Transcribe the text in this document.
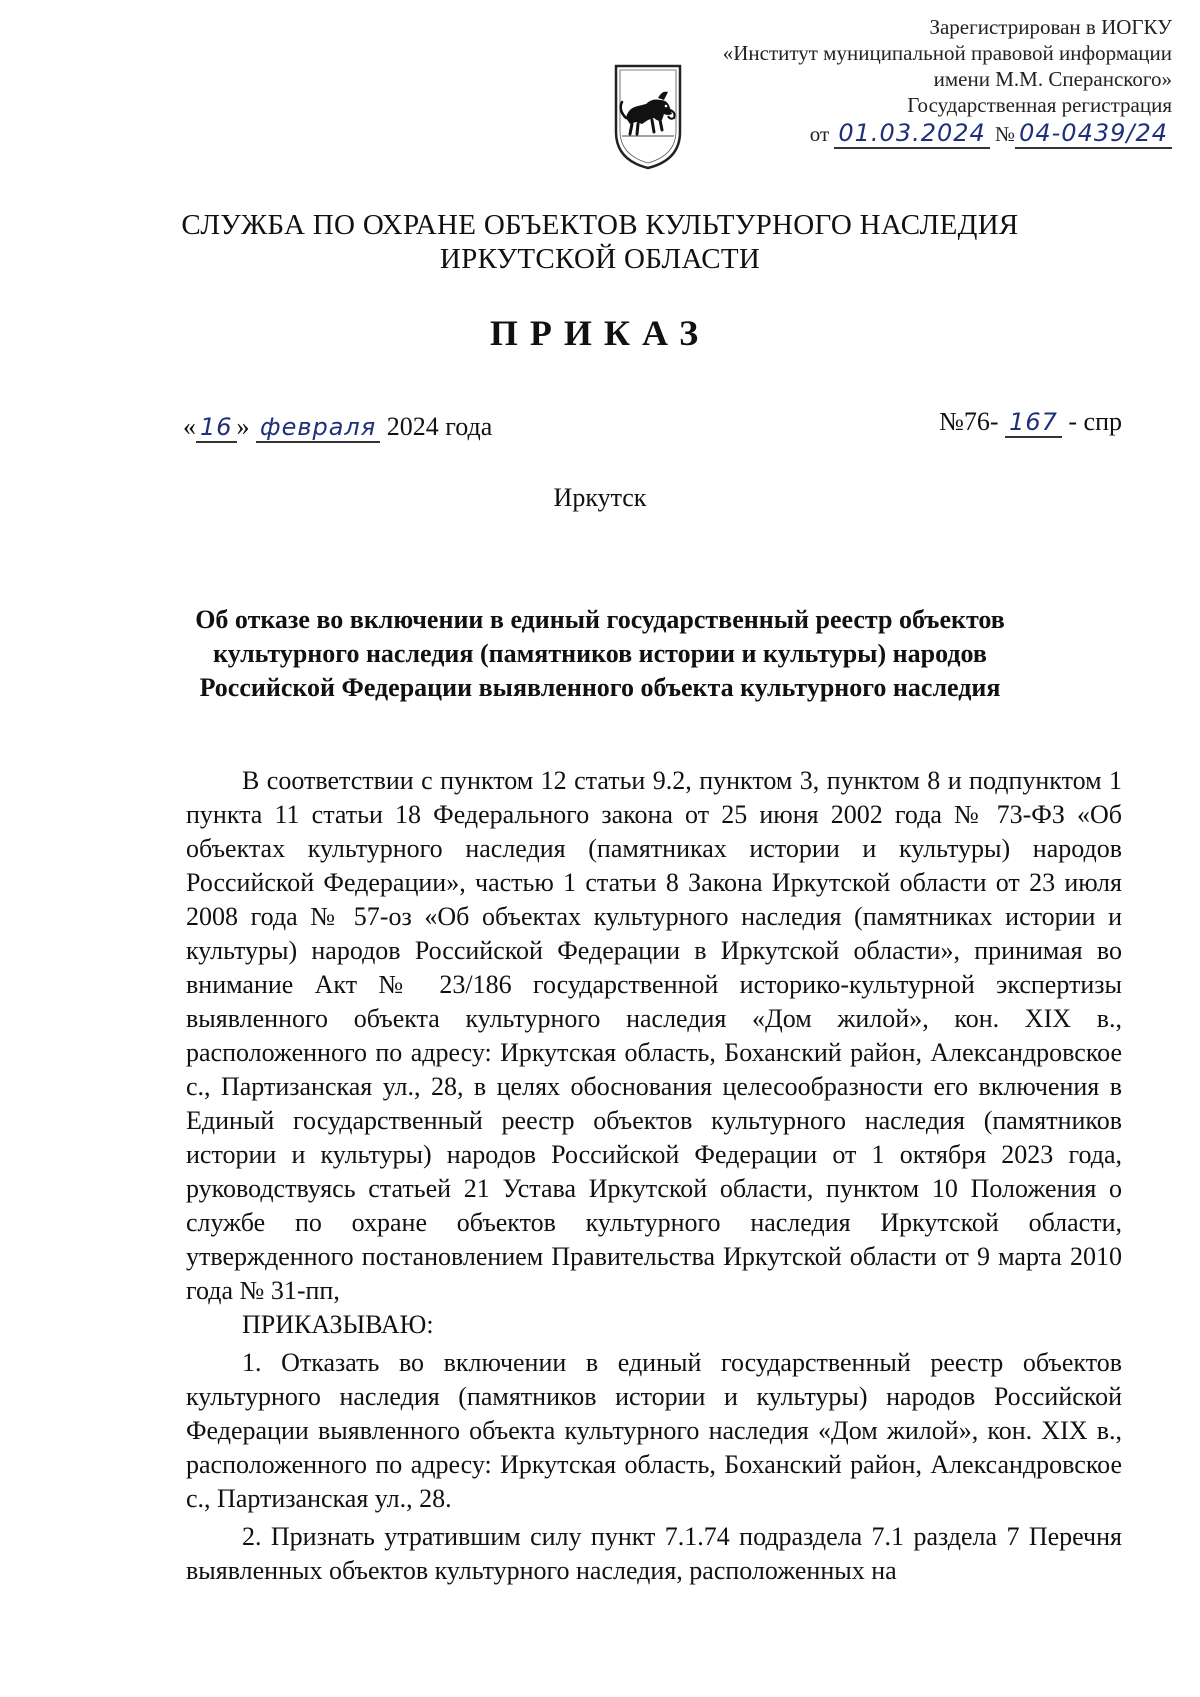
Зарегистрирован в ИОГКУ
«Институт муниципальной правовой информации
имени М.М. Сперанского»
Государственная регистрация
от 01.03.2024 № 04-0439/24
СЛУЖБА ПО ОХРАНЕ ОБЪЕКТОВ КУЛЬТУРНОГО НАСЛЕДИЯ
ИРКУТСКОЙ ОБЛАСТИ
ПРИКАЗ
« 16 » февраля 2024 года	№76- 167 - спр
Иркутск
Об отказе во включении в единый государственный реестр объектов
культурного наследия (памятников истории и культуры) народов
Российской Федерации выявленного объекта культурного наследия

В соответствии с пунктом 12 статьи 9.2, пунктом 3, пунктом 8 и подпунктом 1 пункта 11 статьи 18 Федерального закона от 25 июня 2002 года № 73-ФЗ «Об объектах культурного наследия (памятниках истории и культуры) народов Российской Федерации», частью 1 статьи 8 Закона Иркутской области от 23 июля 2008 года № 57-оз «Об объектах культурного наследия (памятниках истории и культуры) народов Российской Федерации в Иркутской области», принимая во внимание Акт № 23/186 государственной историко-культурной экспертизы выявленного объекта культурного наследия «Дом жилой», кон. XIX в., расположенного по адресу: Иркутская область, Боханский район, Александровское с., Партизанская ул., 28, в целях обоснования целесообразности его включения в Единый государственный реестр объектов культурного наследия (памятников истории и культуры) народов Российской Федерации от 1 октября 2023 года, руководствуясь статьей 21 Устава Иркутской области, пунктом 10 Положения о службе по охране объектов культурного наследия Иркутской области, утвержденного постановлением Правительства Иркутской области от 9 марта 2010 года № 31-пп,

ПРИКАЗЫВАЮ:

1. Отказать во включении в единый государственный реестр объектов культурного наследия (памятников истории и культуры) народов Российской Федерации выявленного объекта культурного наследия «Дом жилой», кон. XIX в., расположенного по адресу: Иркутская область, Боханский район, Александровское с., Партизанская ул., 28.

2. Признать утратившим силу пункт 7.1.74 подраздела 7.1 раздела 7 Перечня выявленных объектов культурного наследия, расположенных на
